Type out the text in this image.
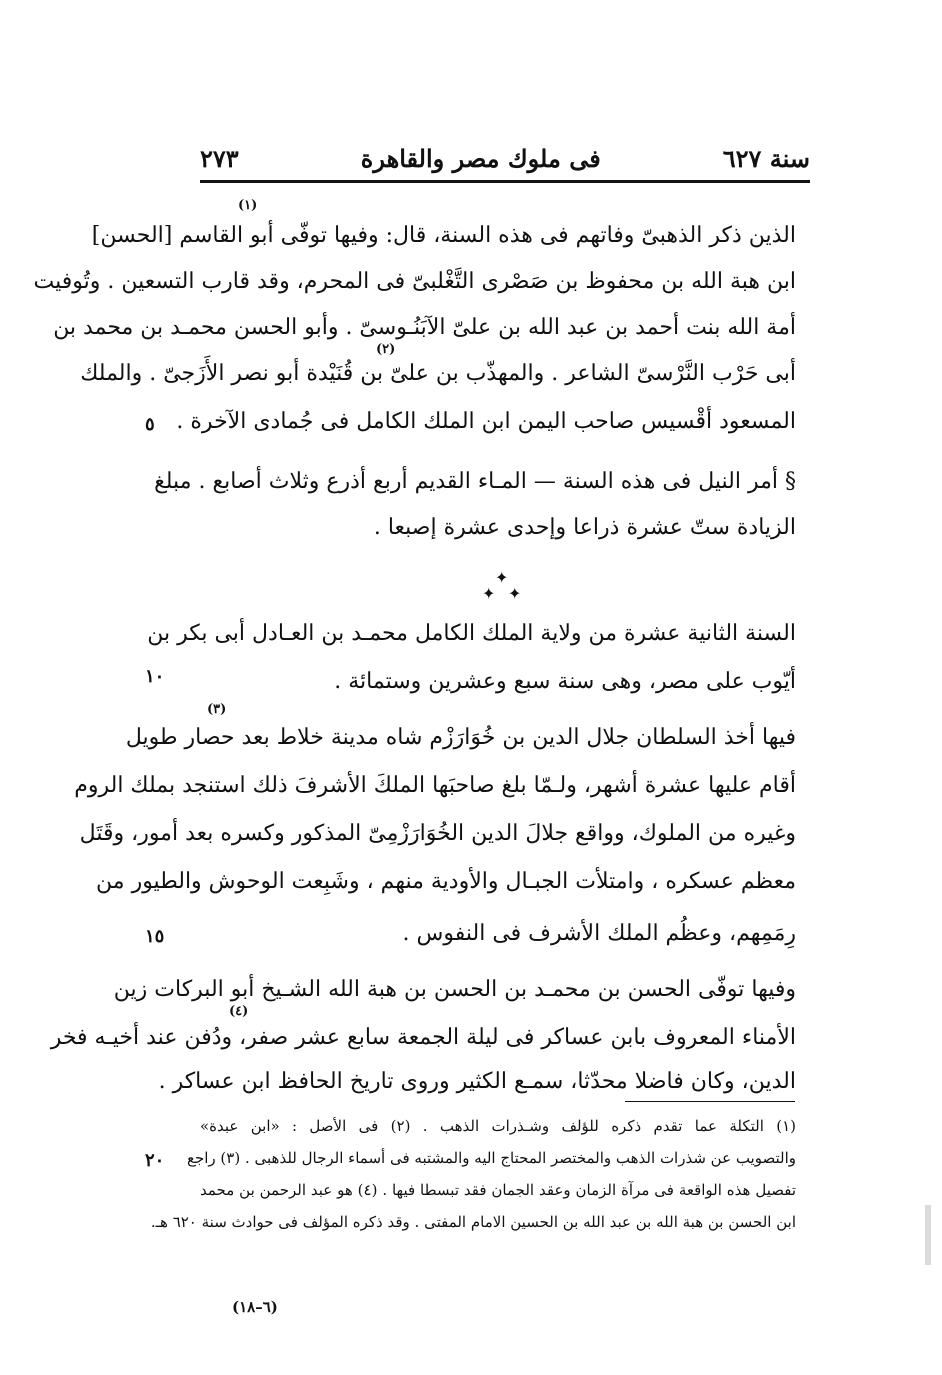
سنة ٦٢٧
فى ملوك مصر والقاهرة
٢٧٣
(١)
(٢)
(٣)
(٤)
الذين ذكر الذهبىّ وفاتهم فى هذه السنة، قال: وفيها توفّى أبو القاسم [الحسن]
ابن هبة الله بن محفوظ بن صَصْرى التَّغْلبىّ فى المحرم، وقد قارب التسعين . وتُوفيت
أمة الله بنت أحمد بن عبد الله بن علىّ الآبَنُـوسىّ . وأبو الحسن محمـد بن محمد بن
أبى حَرْب النَّرْسىّ الشاعر . والمهذّب بن علىّ بن قُنَيْدة أبو نصر الأَزَجىّ . والملك
المسعود أقْسيس صاحب اليمن ابن الملك الكامل فى جُمادى الآخرة .
§ أمر النيل فى هذه السنة — المـاء القديم أربع أذرع وثلاث أصابع . مبلغ
الزيادة ستّ عشرة ذراعا وإحدى عشرة إصبعا .
✦
✦ ✦
السنة الثانية عشرة من ولاية الملك الكامل محمـد بن العـادل أبى بكر بن
أيّوب على مصر، وهى سنة سبع وعشرين وستمائة .
فيها أخذ السلطان جلال الدين بن خُوَارَزْم شاه مدينة خلاط بعد حصار طويل
أقام عليها عشرة أشهر، ولـمّا بلغ صاحبَها الملكَ الأشرفَ ذلك استنجد بملك الروم
وغيره من الملوك، وواقع جلالَ الدين الخُوَارَزْمِىّ المذكور وكسره بعد أمور، وقَتَل
معظم عسكره ، وامتلأت الجبـال والأودية منهم ، وشَبِعت الوحوش والطيور من
رِمَمِهم، وعظُم الملك الأشرف فى النفوس .
وفيها توفّى الحسن بن محمـد بن الحسن بن هبة الله الشـيخ أبو البركات زين
الأمناء المعروف بابن عساكر فى ليلة الجمعة سابع عشر صفر، ودُفن عند أخيـه فخر
الدين، وكان فاضلا محدّثا، سمـع الكثير وروى تاريخ الحافظ ابن عساكر .
٥
١٠
١٥
٢٠
(١) التكلة عما تقدم ذكره للؤلف وشـذرات الذهب . (٢) فى الأصل : «ابن عبدة»
والتصويب عن شذرات الذهب والمختصر المحتاج اليه والمشتبه فى أسماء الرجال للذهبى . (٣) راجع
تفصيل هذه الواقعة فى مرآة الزمان وعقد الجمان فقد تبسطا فيها . (٤) هو عبد الرحمن بن محمد
ابن الحسن بن هبة الله بن عبد الله بن الحسين الامام المفتى . وقد ذكره المؤلف فى حوادث سنة ٦٢٠ هـ.
(٦–١٨)
